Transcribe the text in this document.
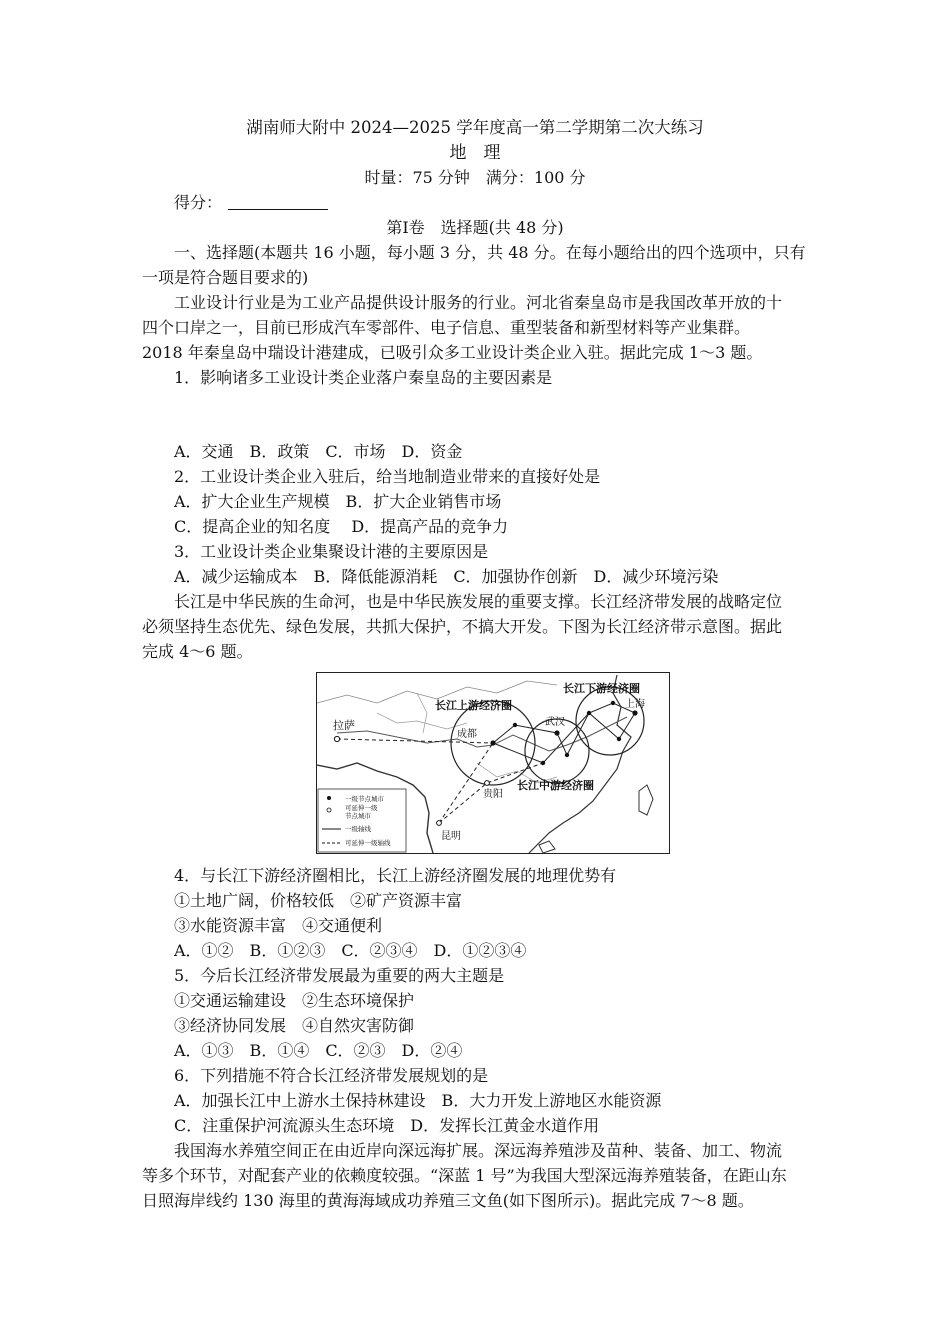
湖南师大附中 2024—2025 学年度高一第二学期第二次大练习
地　理
时量：75 分钟　满分：100 分
得分：
第Ⅰ卷　选择题(共 48 分)
一、选择题(本题共 16 小题，每小题 3 分，共 48 分。在每小题给出的四个选项中，只有
一项是符合题目要求的)
工业设计行业是为工业产品提供设计服务的行业。河北省秦皇岛市是我国改革开放的十
四个口岸之一，目前已形成汽车零部件、电子信息、重型装备和新型材料等产业集群。
2018 年秦皇岛中瑞设计港建成，已吸引众多工业设计类企业入驻。据此完成 1～3 题。
1．影响诸多工业设计类企业落户秦皇岛的主要因素是
A．交通　B．政策　C．市场　D．资金
2．工业设计类企业入驻后，给当地制造业带来的直接好处是
A．扩大企业生产规模　B．扩大企业销售市场
C．提高企业的知名度　 D．提高产品的竞争力
3．工业设计类企业集聚设计港的主要原因是
A．减少运输成本　B．降低能源消耗　C．加强协作创新　D．减少环境污染
长江是中华民族的生命河，也是中华民族发展的重要支撑。长江经济带发展的战略定位
必须坚持生态优先、绿色发展，共抓大保护，不搞大开发。下图为长江经济带示意图。据此
完成 4～6 题。
长江上游经济圈
长江中游经济圈
长江下游经济圈
拉萨
成都
武汉
上海
贵阳
昆明
一级节点城市
可延伸一级
节点城市
一级轴线
可延伸一级轴线
4．与长江下游经济圈相比，长江上游经济圈发展的地理优势有
①土地广阔，价格较低　②矿产资源丰富
③水能资源丰富　④交通便利
A．①②　B．①②③　C．②③④　D．①②③④
5．今后长江经济带发展最为重要的两大主题是
①交通运输建设　②生态环境保护
③经济协同发展　④自然灾害防御
A．①③　B．①④　C．②③　D．②④
6．下列措施不符合长江经济带发展规划的是
A．加强长江中上游水土保持林建设　B．大力开发上游地区水能资源
C．注重保护河流源头生态环境　D．发挥长江黄金水道作用
我国海水养殖空间正在由近岸向深远海扩展。深远海养殖涉及苗种、装备、加工、物流
等多个环节，对配套产业的依赖度较强。“深蓝 1 号”为我国大型深远海养殖装备，在距山东
日照海岸线约 130 海里的黄海海域成功养殖三文鱼(如下图所示)。据此完成 7～8 题。
